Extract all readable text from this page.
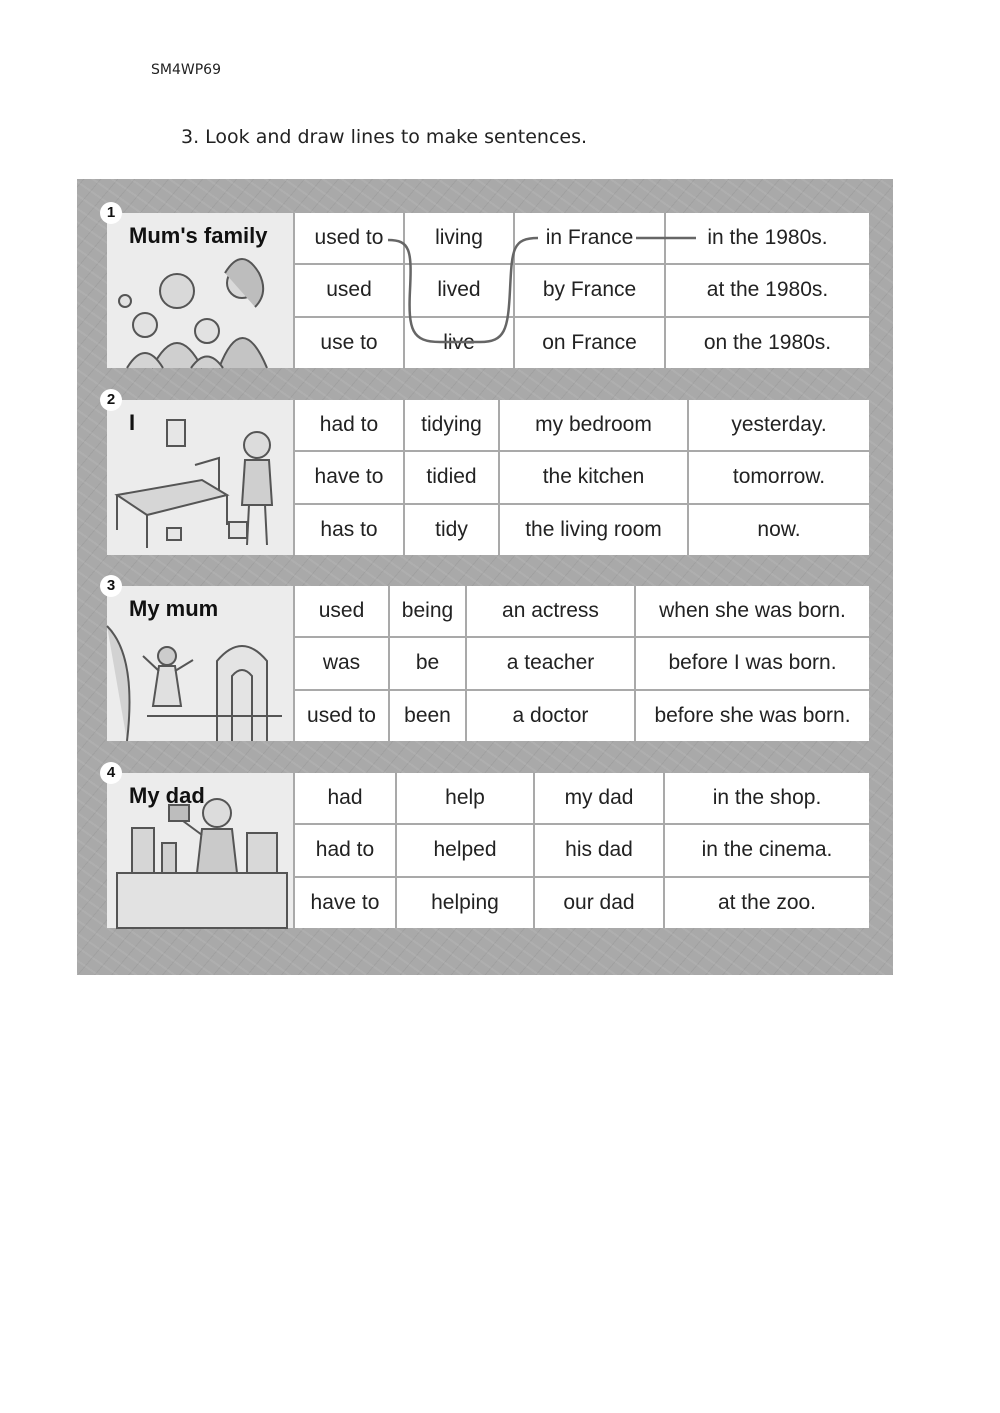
SM4WP69
3. Look and draw lines to make sentences.
1
Mum's family	used to	living	in France	in the 1980s.
used	lived	by France	at the 1980s.
use to	live	on France	on the 1980s.
2
I	had to	tidying	my bedroom	yesterday.
have to	tidied	the kitchen	tomorrow.
has to	tidy	the living room	now.
3
My mum	used	being	an actress	when she was born.
was	be	a teacher	before I was born.
used to	been	a doctor	before she was born.
4
My dad	had	help	my dad	in the shop.
had to	helped	his dad	in the cinema.
have to	helping	our dad	at the zoo.
